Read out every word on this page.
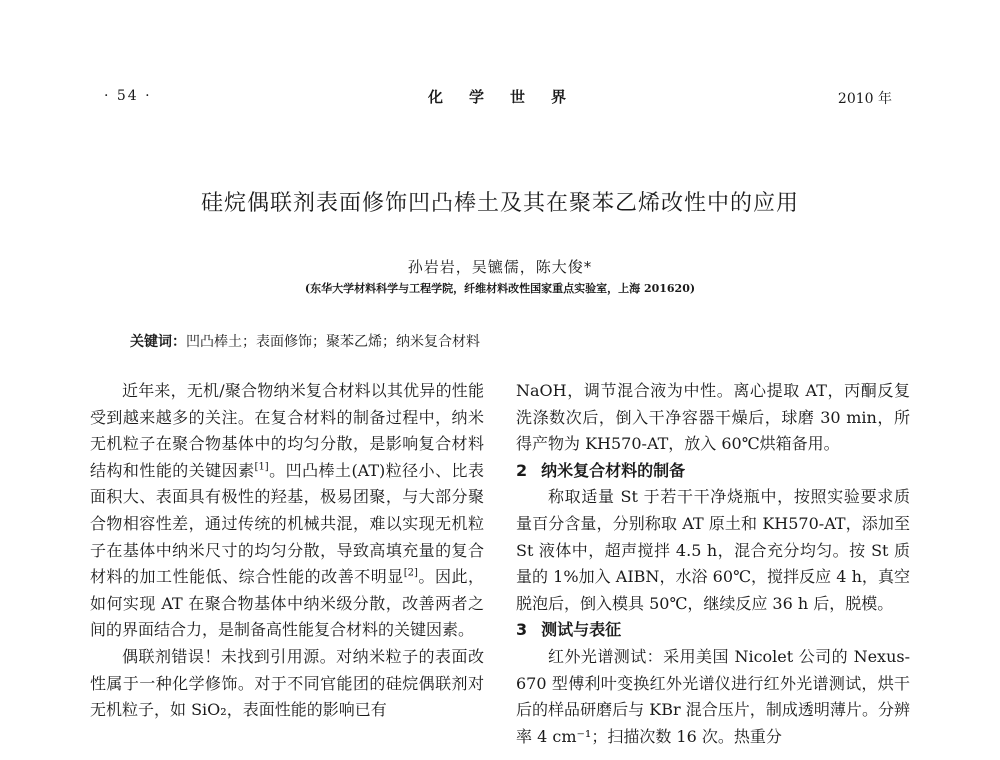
· 54 ·	化学世界	2010 年
硅烷偶联剂表面修饰凹凸棒土及其在聚苯乙烯改性中的应用
孙岩岩 ， 吴镳儒 ， 陈大俊*
(东华大学材料科学与工程学院，纤维材料改性国家重点实验室，上海 201620)
关键词：凹凸棒土；表面修饰；聚苯乙烯；纳米复合材料

近年来，无机/聚合物纳米复合材料以其优异的性能受到越来越多的关注。在复合材料的制备过程中，纳米无机粒子在聚合物基体中的均匀分散，是影响复合材料结构和性能的关键因素[1]。凹凸棒土(AT)粒径小、比表面积大、表面具有极性的羟基，极易团聚，与大部分聚合物相容性差，通过传统的机械共混，难以实现无机粒子在基体中纳米尺寸的均匀分散，导致高填充量的复合材料的加工性能低、综合性能的改善不明显[2]。因此，如何实现 AT 在聚合物基体中纳米级分散，改善两者之间的界面结合力，是制备高性能复合材料的关键因素。

偶联剂错误！未找到引用源。对纳米粒子的表面改性属于一种化学修饰。对于不同官能团的硅烷偶联剂对无机粒子，如 SiO₂，表面性能的影响已有

NaOH，调节混合液为中性。离心提取 AT，丙酮反复洗涤数次后，倒入干净容器干燥后，球磨 30 min，所得产物为 KH570-AT，放入 60℃烘箱备用。

2 纳米复合材料的制备

称取适量 St 于若干干净烧瓶中，按照实验要求质量百分含量，分别称取 AT 原土和 KH570-AT，添加至 St 液体中，超声搅拌 4.5 h，混合充分均匀。按 St 质量的 1%加入 AIBN，水浴 60℃，搅拌反应 4 h，真空脱泡后，倒入模具 50℃，继续反应 36 h 后，脱模。

3 测试与表征

红外光谱测试：采用美国 Nicolet 公司的 Nexus-670 型傅利叶变换红外光谱仪进行红外光谱测试，烘干后的样品研磨后与 KBr 混合压片，制成透明薄片。分辨率 4 cm⁻¹；扫描次数 16 次。热重分
